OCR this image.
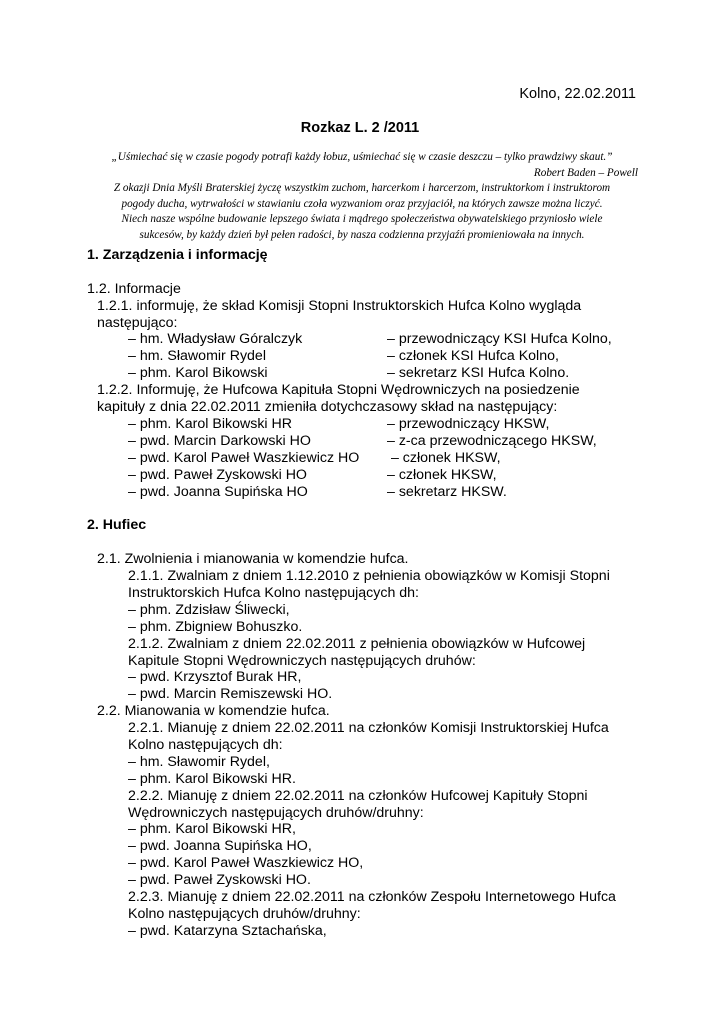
Kolno, 22.02.2011
Rozkaz L. 2 /2011
„Uśmiechać się w czasie pogody potrafi każdy łobuz, uśmiechać się w czasie deszczu – tylko prawdziwy skaut.”
Robert Baden – Powell
Z okazji Dnia Myśli Braterskiej życzę wszystkim zuchom, harcerkom i harcerzom, instruktorkom i instruktorom
pogody ducha, wytrwałości w stawianiu czoła wyzwaniom oraz przyjaciół, na których zawsze można liczyć.
Niech nasze wspólne budowanie lepszego świata i mądrego społeczeństwa obywatelskiego przyniosło wiele
sukcesów, by każdy dzień był pełen radości, by nasza codzienna przyjaźń promieniowała na innych.
1. Zarządzenia i informację
1.2. Informacje
1.2.1. informuję, że skład Komisji Stopni Instruktorskich Hufca Kolno wygląda
następująco:
– hm. Władysław Góralczyk	– przewodniczący KSI Hufca Kolno,
– hm. Sławomir Rydel	– członek KSI Hufca Kolno,
– phm. Karol Bikowski	– sekretarz KSI Hufca Kolno.
1.2.2. Informuję, że Hufcowa Kapituła Stopni Wędrowniczych na posiedzenie
kapituły z dnia 22.02.2011 zmieniła dotychczasowy skład na następujący:
– phm. Karol Bikowski HR	– przewodniczący HKSW,
– pwd. Marcin Darkowski HO	– z-ca przewodniczącego HKSW,
– pwd. Karol Paweł Waszkiewicz HO	– członek HKSW,
– pwd. Paweł Zyskowski HO	– członek HKSW,
– pwd. Joanna Supińska HO	– sekretarz HKSW.
2. Hufiec
2.1. Zwolnienia i mianowania w komendzie hufca.
2.1.1. Zwalniam z dniem 1.12.2010 z pełnienia obowiązków w Komisji Stopni
Instruktorskich Hufca Kolno następujących dh:
– phm. Zdzisław Śliwecki,
– phm. Zbigniew Bohuszko.
2.1.2. Zwalniam z dniem 22.02.2011 z pełnienia obowiązków w Hufcowej
Kapitule Stopni Wędrowniczych następujących druhów:
– pwd. Krzysztof Burak HR,
– pwd. Marcin Remiszewski HO.
2.2. Mianowania w komendzie hufca.
2.2.1. Mianuję z dniem 22.02.2011 na członków Komisji Instruktorskiej Hufca
Kolno następujących dh:
– hm. Sławomir Rydel,
– phm. Karol Bikowski HR.
2.2.2. Mianuję z dniem 22.02.2011 na członków Hufcowej Kapituły Stopni
Wędrowniczych następujących druhów/druhny:
– phm. Karol Bikowski HR,
– pwd. Joanna Supińska HO,
– pwd. Karol Paweł Waszkiewicz HO,
– pwd. Paweł Zyskowski HO.
2.2.3. Mianuję z dniem 22.02.2011 na członków Zespołu Internetowego Hufca
Kolno następujących druhów/druhny:
– pwd. Katarzyna Sztachańska,
